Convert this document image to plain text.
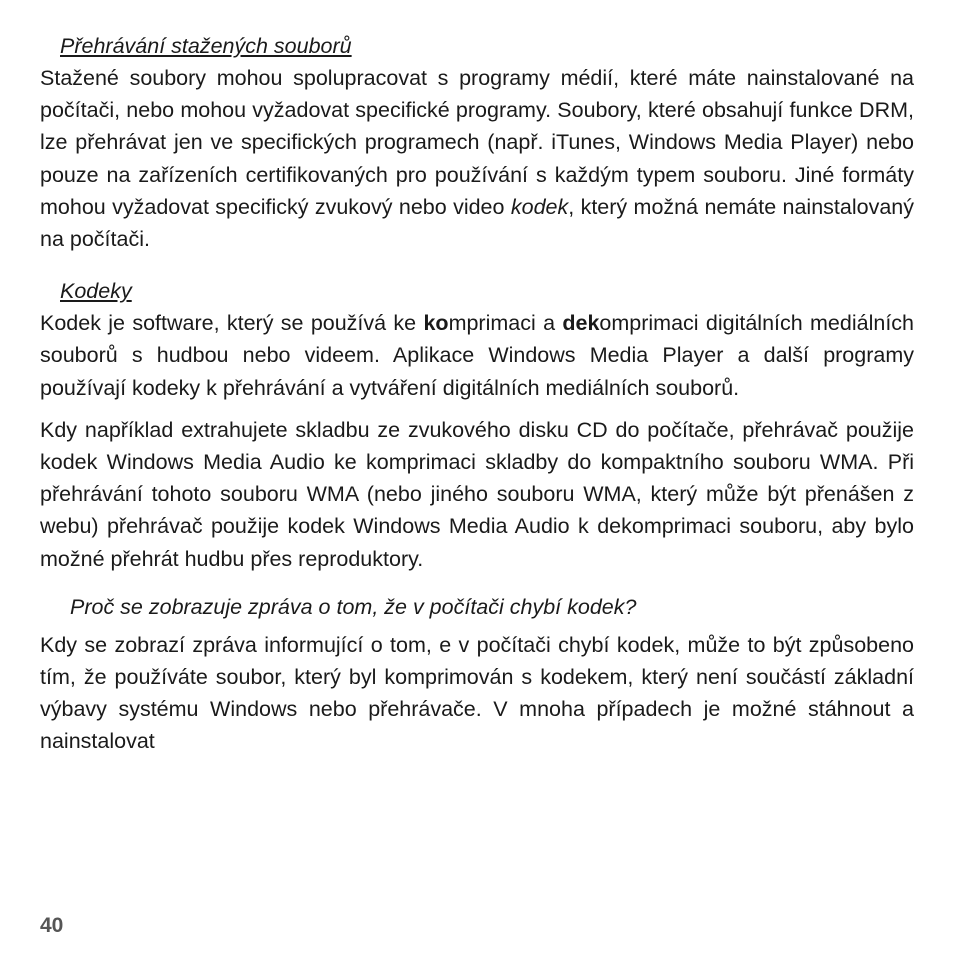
Přehrávání stažených souborů

Stažené soubory mohou spolupracovat s programy médií, které máte nainstalované na počítači, nebo mohou vyžadovat specifické programy. Soubory, které obsahují funkce DRM, lze přehrávat jen ve specifických programech (např. iTunes, Windows Media Player) nebo pouze na zařízeních certifikovaných pro používání s každým typem souboru. Jiné formáty mohou vyžadovat specifický zvukový nebo video kodek, který možná nemáte nainstalovaný na počítači.

Kodeky

Kodek je software, který se používá ke komprimaci a dekomprimaci digitálních mediálních souborů s hudbou nebo videem. Aplikace Windows Media Player a další programy používají kodeky k přehrávání a vytváření digitálních mediálních souborů.

Kdy například extrahujete skladbu ze zvukového disku CD do počítače, přehrávač použije kodek Windows Media Audio ke komprimaci skladby do kompaktního souboru WMA. Při přehrávání tohoto souboru WMA (nebo jiného souboru WMA, který může být přenášen z webu) přehrávač použije kodek Windows Media Audio k dekomprimaci souboru, aby bylo možné přehrát hudbu přes reproduktory.

Proč se zobrazuje zpráva o tom, že v počítači chybí kodek?

Kdy se zobrazí zpráva informující o tom, e v počítači chybí kodek, může to být způsobeno tím, že používáte soubor, který byl komprimován s kodekem, který není součástí základní výbavy systému Windows nebo přehrávače. V mnoha případech je možné stáhnout a nainstalovat

40
